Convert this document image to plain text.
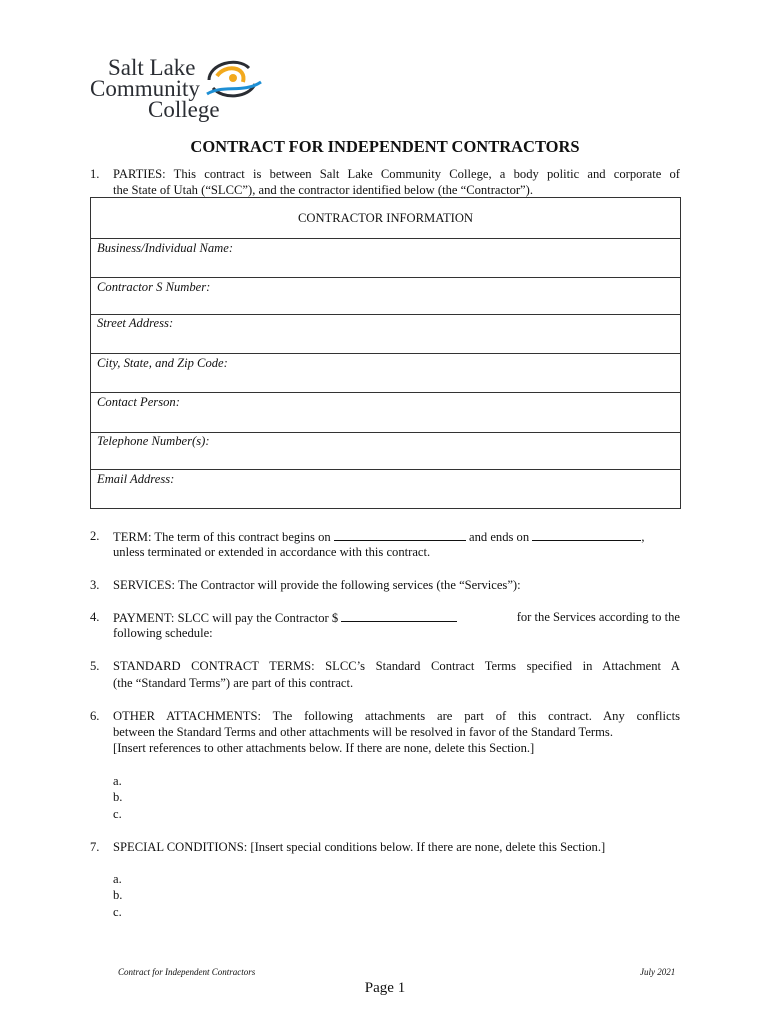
Salt Lake
Community
College
CONTRACT FOR INDEPENDENT CONTRACTORS
1. PARTIES: This contract is between Salt Lake Community College, a body politic and corporate of
the State of Utah (“SLCC”), and the contractor identified below (the “Contractor”).
CONTRACTOR INFORMATION
Business/Individual Name:
Contractor S Number:
Street Address:
City, State, and Zip Code:
Contact Person:
Telephone Number(s):
Email Address:
2. TERM: The term of this contract begins on	and ends on	,
unless terminated or extended in accordance with this contract.
3. SERVICES: The Contractor will provide the following services (the “Services”):
4. PAYMENT: SLCC will pay the Contractor $	for the Services according to the
following schedule:
5. STANDARD CONTRACT TERMS: SLCC’s Standard Contract Terms specified in Attachment A
(the “Standard Terms”) are part of this contract.
6. OTHER ATTACHMENTS: The following attachments are part of this contract. Any conflicts
between the Standard Terms and other attachments will be resolved in favor of the Standard Terms.
[Insert references to other attachments below. If there are none, delete this Section.]
a.
b.
c.
7. SPECIAL CONDITIONS: [Insert special conditions below. If there are none, delete this Section.]
a.
b.
c.
Contract for Independent Contractors	July 2021
Page 1
